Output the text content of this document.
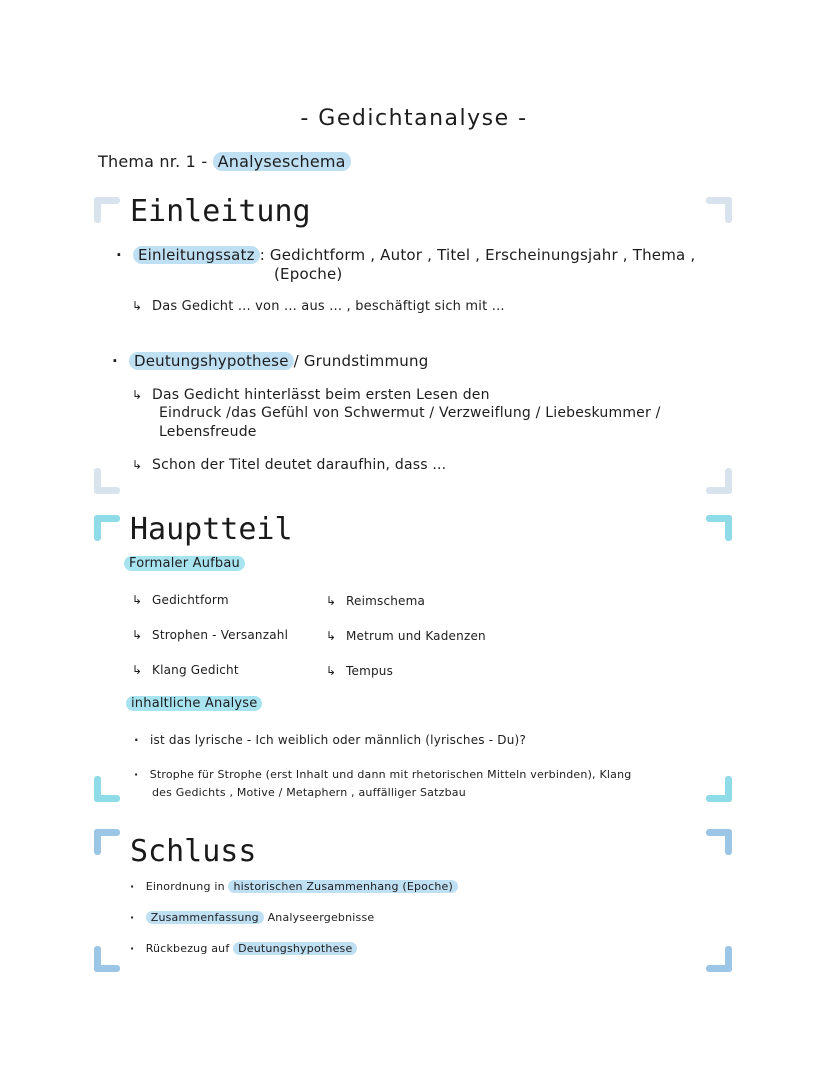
- Gedichtanalyse -
Thema nr. 1 - Analyseschema
Einleitung
· Einleitungssatz : Gedichtform , Autor , Titel , Erscheinungsjahr , Thema ,
(Epoche)
↳ Das Gedicht ... von ... aus ... , beschäftigt sich mit ...
· Deutungshypothese / Grundstimmung
↳ Das Gedicht hinterlässt beim ersten Lesen den
Eindruck /das Gefühl von Schwermut / Verzweiflung / Liebeskummer /
Lebensfreude
↳ Schon der Titel deutet daraufhin, dass ...
Hauptteil
Formaler Aufbau
↳ Gedichtform
↳ Strophen - Versanzahl
↳ Klang Gedicht
↳ Reimschema
↳ Metrum und Kadenzen
↳ Tempus
inhaltliche Analyse
· ist das lyrische - Ich weiblich oder männlich (lyrisches - Du)?
· Strophe für Strophe (erst Inhalt und dann mit rhetorischen Mitteln verbinden), Klang
des Gedichts , Motive / Metaphern , auffälliger Satzbau
Schluss
· Einordnung in historischen Zusammenhang (Epoche)
· Zusammenfassung Analyseergebnisse
· Rückbezug auf Deutungshypothese
